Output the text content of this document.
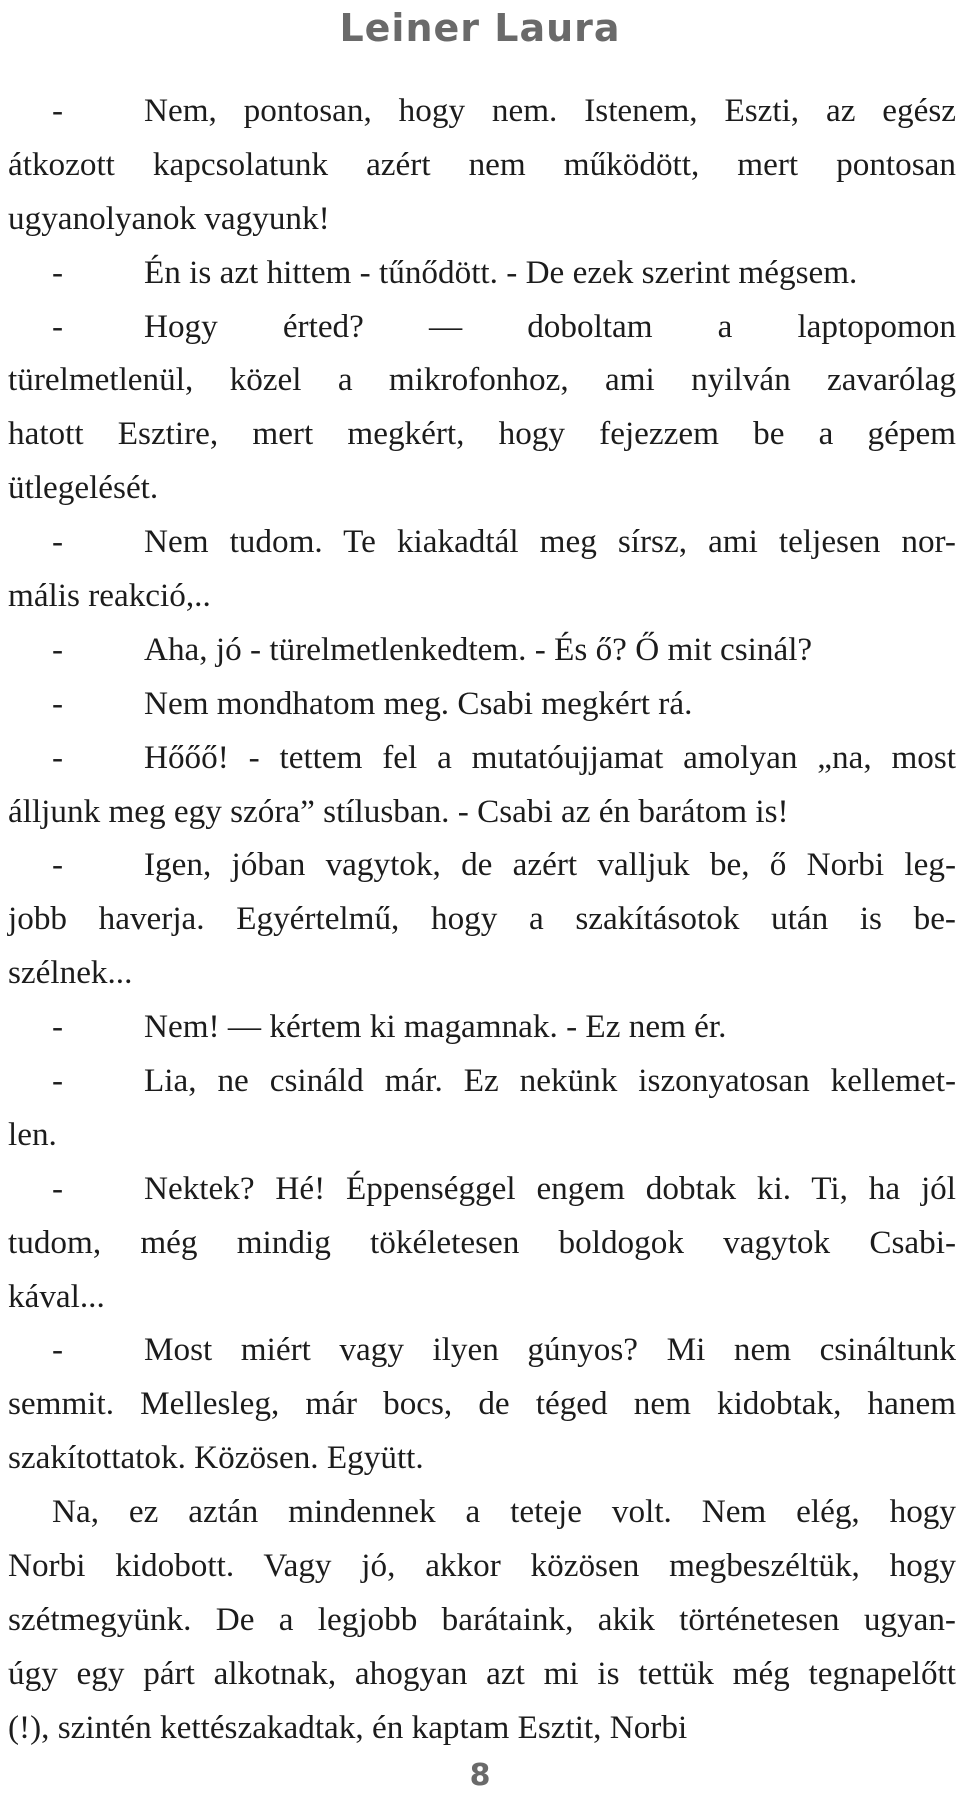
Leiner Laura
- Nem, pontosan, hogy nem. Istenem, Eszti, az egész
átkozott kapcsolatunk azért nem működött, mert pontosan
ugyanolyanok vagyunk!
- Én is azt hittem - tűnődött. - De ezek szerint mégsem.
- Hogy érted? — doboltam a laptopomon
türelmetlenül, közel a mikrofonhoz, ami nyilván zavarólag
hatott Esztire, mert megkért, hogy fejezzem be a gépem
ütlegelését.
- Nem tudom. Te kiakadtál meg sírsz, ami teljesen nor-
mális reakció,..
- Aha, jó - türelmetlenkedtem. - És ő? Ő mit csinál?
- Nem mondhatom meg. Csabi megkért rá.
- Hőőő! - tettem fel a mutatóujjamat amolyan „na, most
álljunk meg egy szóra” stílusban. - Csabi az én barátom is!
- Igen, jóban vagytok, de azért valljuk be, ő Norbi leg-
jobb haverja. Egyértelmű, hogy a szakításotok után is be-
szélnek...
- Nem! — kértem ki magamnak. - Ez nem ér.
- Lia, ne csináld már. Ez nekünk iszonyatosan kellemet-
len.
- Nektek? Hé! Éppenséggel engem dobtak ki. Ti, ha jól
tudom, még mindig tökéletesen boldogok vagytok Csabi-
kával...
- Most miért vagy ilyen gúnyos? Mi nem csináltunk
semmit. Mellesleg, már bocs, de téged nem kidobtak, hanem
szakítottatok. Közösen. Együtt.
Na, ez aztán mindennek a teteje volt. Nem elég, hogy
Norbi kidobott. Vagy jó, akkor közösen megbeszéltük, hogy
szétmegyünk. De a legjobb barátaink, akik történetesen ugyan-
úgy egy párt alkotnak, ahogyan azt mi is tettük még tegnapelőtt
(!), szintén kettészakadtak, én kaptam Esztit, Norbi
8
